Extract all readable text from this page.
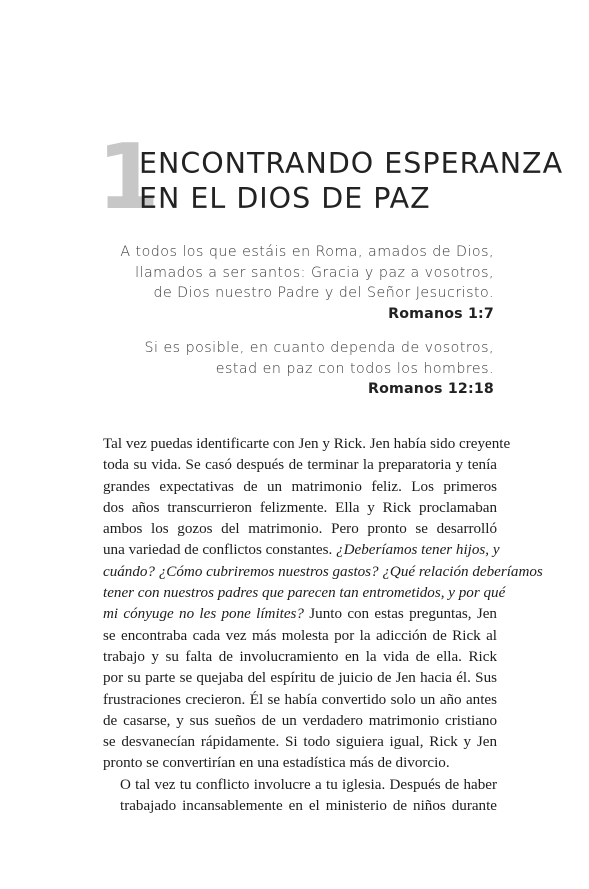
1
ENCONTRANDO ESPERANZA
EN EL DIOS DE PAZ
A todos los que estáis en Roma, amados de Dios,
llamados a ser santos: Gracia y paz a vosotros,
de Dios nuestro Padre y del Señor Jesucristo.
Romanos 1:7
Si es posible, en cuanto dependa de vosotros,
estad en paz con todos los hombres.
Romanos 12:18

Tal vez puedas identificarte con Jen y Rick. Jen había sido creyente
toda su vida. Se casó después de terminar la preparatoria y tenía
grandes expectativas de un matrimonio feliz. Los primeros
dos años transcurrieron felizmente. Ella y Rick proclamaban
ambos los gozos del matrimonio. Pero pronto se desarrolló
una variedad de conflictos constantes. ¿Deberíamos tener hijos, y
cuándo? ¿Cómo cubriremos nuestros gastos? ¿Qué relación deberíamos
tener con nuestros padres que parecen tan entrometidos, y por qué
mi cónyuge no les pone límites? Junto con estas preguntas, Jen
se encontraba cada vez más molesta por la adicción de Rick al
trabajo y su falta de involucramiento en la vida de ella. Rick
por su parte se quejaba del espíritu de juicio de Jen hacia él. Sus
frustraciones crecieron. Él se había convertido solo un año antes
de casarse, y sus sueños de un verdadero matrimonio cristiano
se desvanecían rápidamente. Si todo siguiera igual, Rick y Jen
pronto se convertirían en una estadística más de divorcio.

O tal vez tu conflicto involucre a tu iglesia. Después de haber
trabajado incansablemente en el ministerio de niños durante
